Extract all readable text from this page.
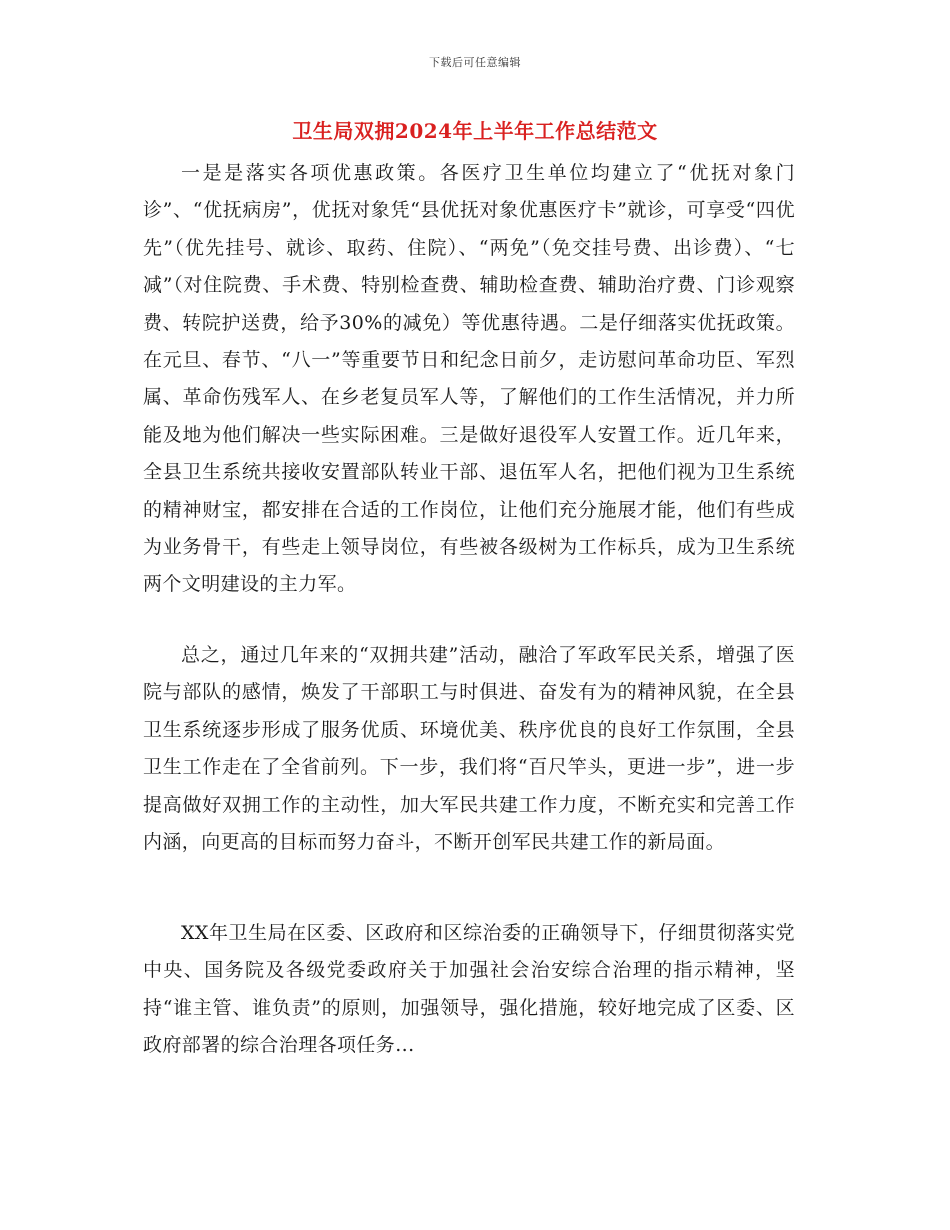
下载后可任意编辑
卫生局双拥2024年上半年工作总结范文

一是是落实各项优惠政策。各医疗卫生单位均建立了“优抚对象门诊”、“优抚病房”，优抚对象凭“县优抚对象优惠医疗卡”就诊，可享受“四优先”（优先挂号、就诊、取药、住院）、“两免”（免交挂号费、出诊费）、“七减”（对住院费、手术费、特别检查费、辅助检查费、辅助治疗费、门诊观察费、转院护送费，给予30%的减免）等优惠待遇。二是仔细落实优抚政策。在元旦、春节、“八一”等重要节日和纪念日前夕，走访慰问革命功臣、军烈属、革命伤残军人、在乡老复员军人等，了解他们的工作生活情况，并力所能及地为他们解决一些实际困难。三是做好退役军人安置工作。近几年来，全县卫生系统共接收安置部队转业干部、退伍军人名，把他们视为卫生系统的精神财宝，都安排在合适的工作岗位，让他们充分施展才能，他们有些成为业务骨干，有些走上领导岗位，有些被各级树为工作标兵，成为卫生系统两个文明建设的主力军。

总之，通过几年来的“双拥共建”活动，融洽了军政军民关系，增强了医院与部队的感情，焕发了干部职工与时俱进、奋发有为的精神风貌，在全县卫生系统逐步形成了服务优质、环境优美、秩序优良的良好工作氛围，全县卫生工作走在了全省前列。下一步，我们将“百尺竿头，更进一步”，进一步提高做好双拥工作的主动性，加大军民共建工作力度，不断充实和完善工作内涵，向更高的目标而努力奋斗，不断开创军民共建工作的新局面。

XX年卫生局在区委、区政府和区综治委的正确领导下，仔细贯彻落实党中央、国务院及各级党委政府关于加强社会治安综合治理的指示精神，坚持“谁主管、谁负责”的原则，加强领导，强化措施，较好地完成了区委、区政府部署的综合治理各项任务...
